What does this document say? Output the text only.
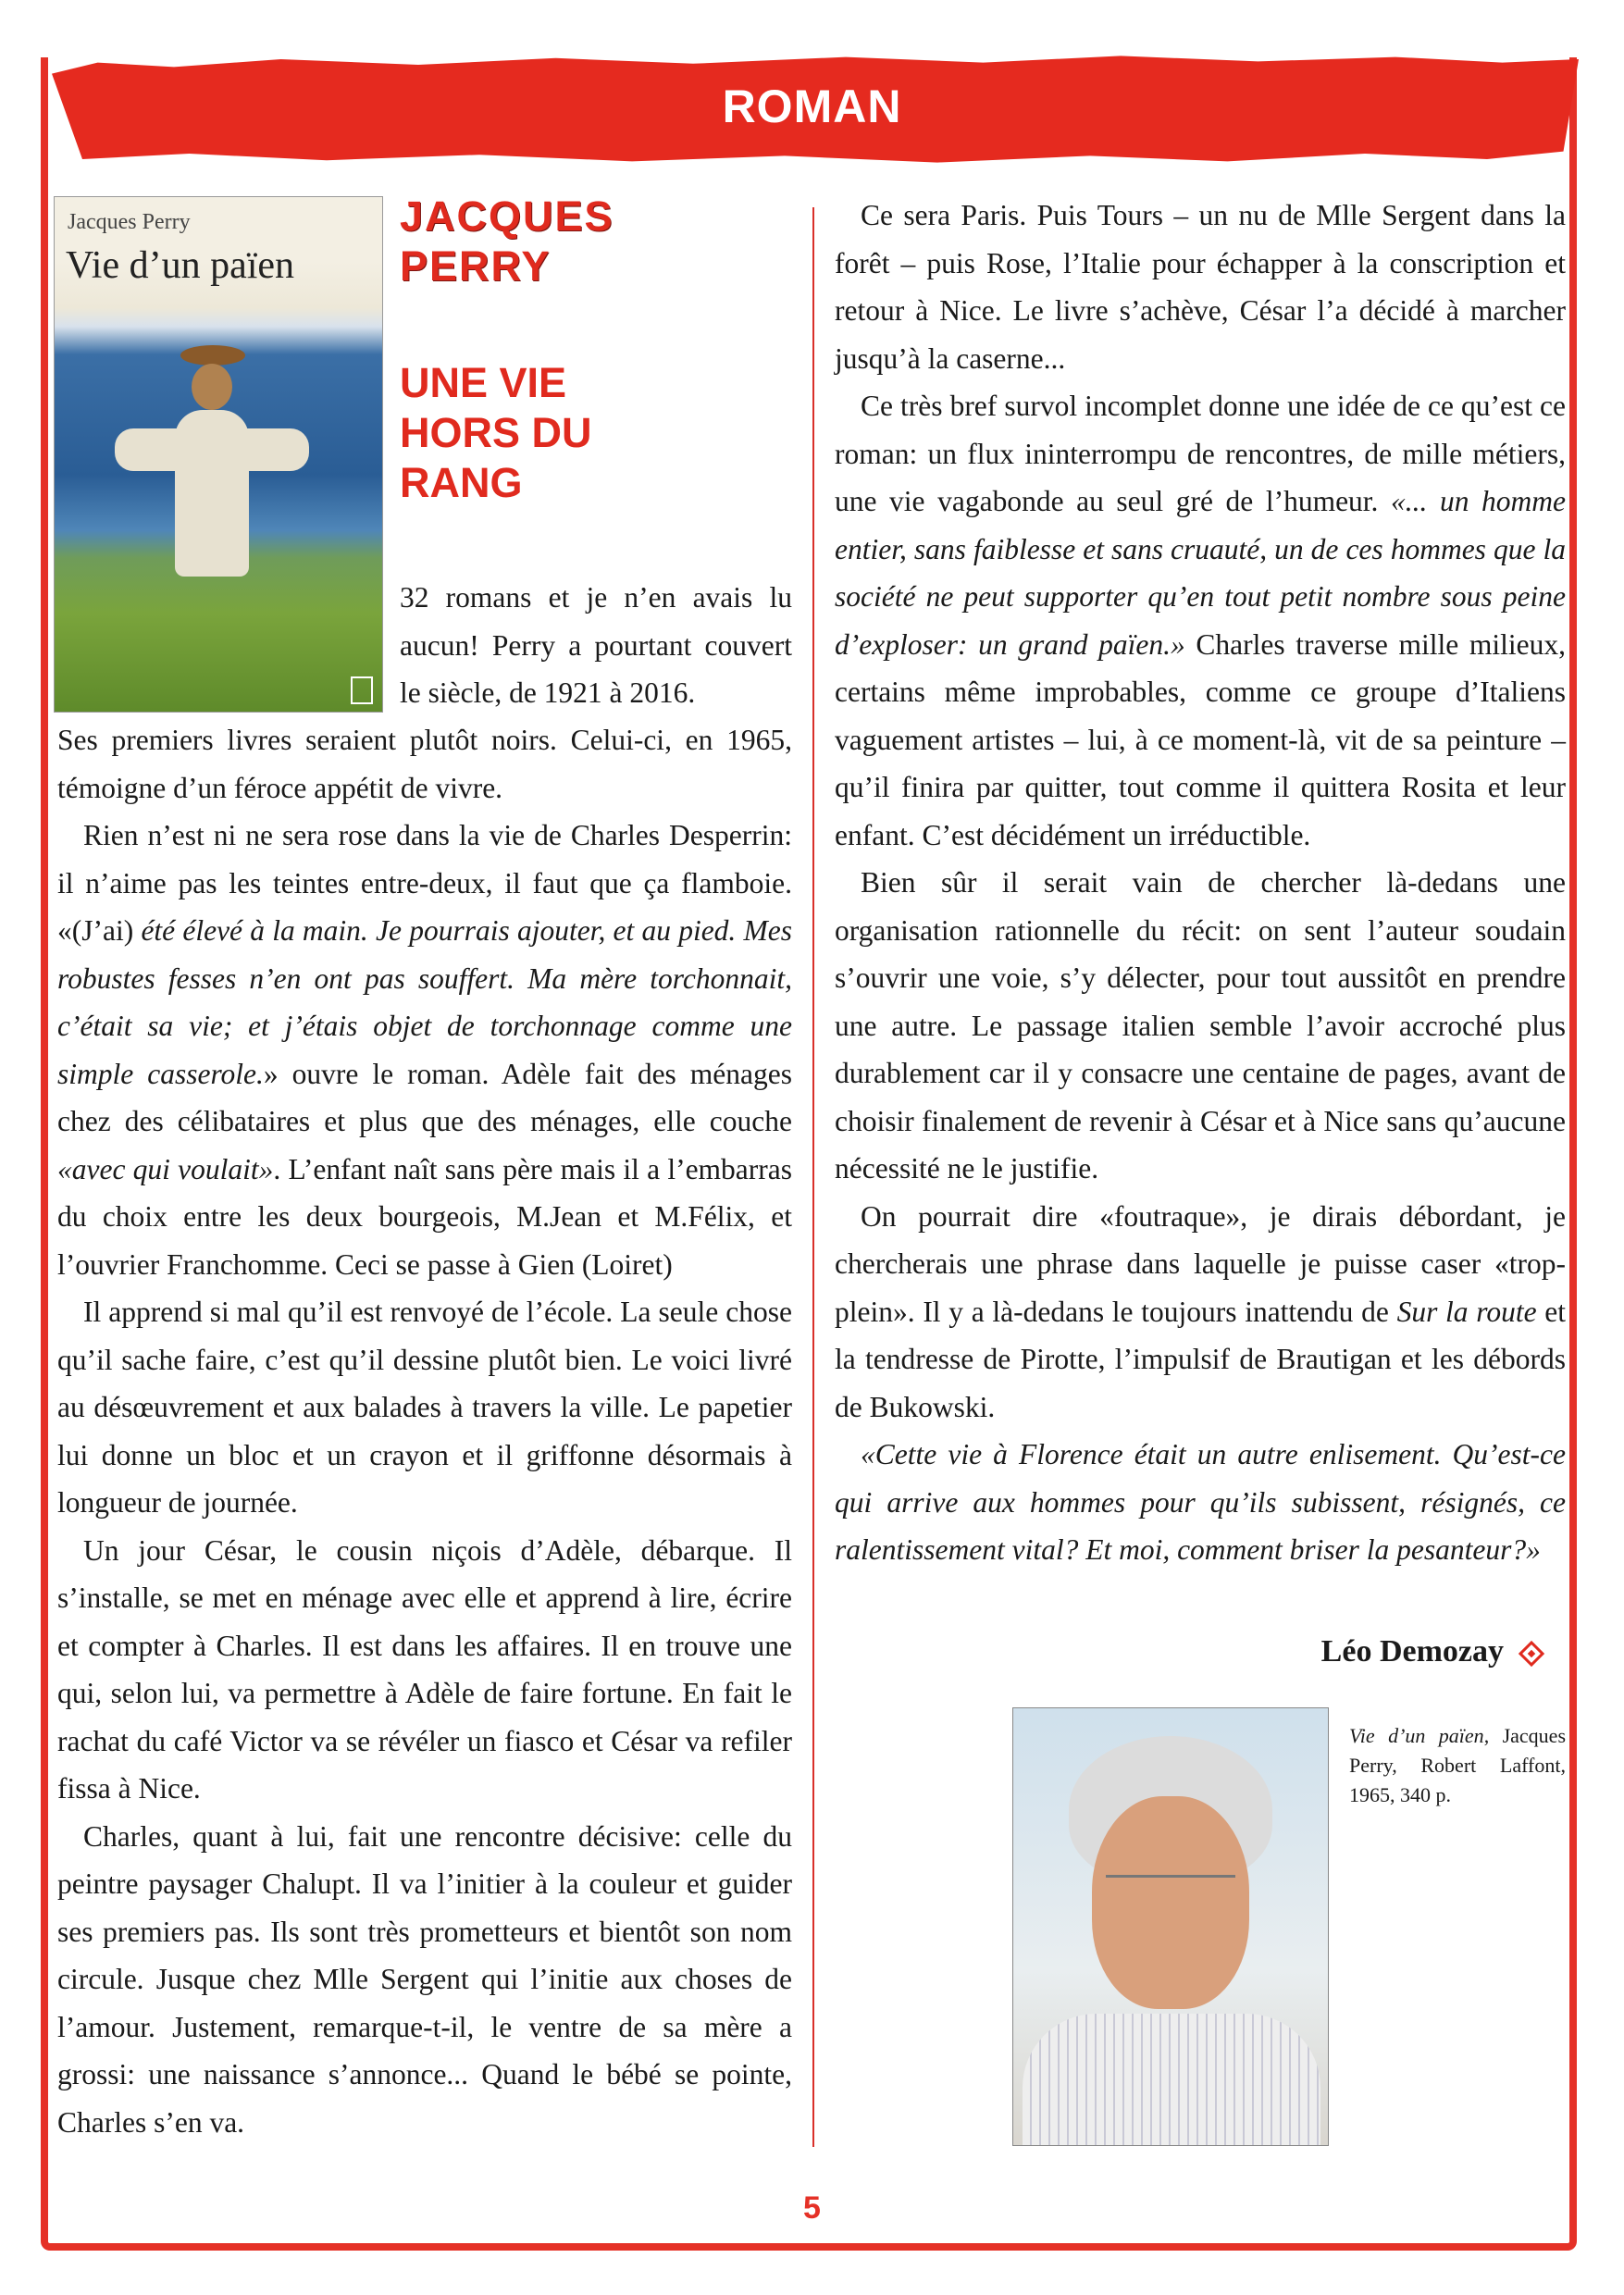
ROMAN
Jacques Perry
Vie d’un païen
JACQUES PERRY
UNE VIE HORS DU RANG

32 romans et je n’en avais lu aucun! Perry a pourtant couvert le siècle, de 1921 à 2016.

Ses premiers livres seraient plutôt noirs. Celui-ci, en 1965, témoigne d’un féroce appétit de vivre.

Rien n’est ni ne sera rose dans la vie de Charles Desperrin: il n’aime pas les teintes entre-deux, il faut que ça flamboie. «(J’ai) été élevé à la main. Je pourrais ajouter, et au pied. Mes robustes fesses n’en ont pas souffert. Ma mère torchonnait, c’était sa vie; et j’étais objet de torchonnage comme une simple casserole.» ouvre le roman. Adèle fait des ménages chez des célibataires et plus que des ménages, elle couche «avec qui voulait». L’enfant naît sans père mais il a l’embarras du choix entre les deux bourgeois, M.Jean et M.Félix, et l’ouvrier Franchomme. Ceci se passe à Gien (Loiret)

Il apprend si mal qu’il est renvoyé de l’école. La seule chose qu’il sache faire, c’est qu’il dessine plutôt bien. Le voici livré au désœuvrement et aux balades à travers la ville. Le papetier lui donne un bloc et un crayon et il griffonne désormais à longueur de journée.

Un jour César, le cousin niçois d’Adèle, débarque. Il s’installe, se met en ménage avec elle et apprend à lire, écrire et compter à Charles. Il est dans les affaires. Il en trouve une qui, selon lui, va permettre à Adèle de faire fortune. En fait le rachat du café Victor va se révéler un fiasco et César va refiler fissa à Nice.

Charles, quant à lui, fait une rencontre décisive: celle du peintre paysager Chalupt. Il va l’initier à la couleur et guider ses premiers pas. Ils sont très prometteurs et bientôt son nom circule. Jusque chez Mlle Sergent qui l’initie aux choses de l’amour. Justement, remarque-t-il, le ventre de sa mère a grossi: une naissance s’annonce... Quand le bébé se pointe, Charles s’en va.

Ce sera Paris. Puis Tours – un nu de Mlle Sergent dans la forêt – puis Rose, l’Italie pour échapper à la conscription et retour à Nice. Le livre s’achève, César l’a décidé à marcher jusqu’à la caserne...

Ce très bref survol incomplet donne une idée de ce qu’est ce roman: un flux ininterrompu de rencontres, de mille métiers, une vie vagabonde au seul gré de l’humeur. «... un homme entier, sans faiblesse et sans cruauté, un de ces hommes que la société ne peut supporter qu’en tout petit nombre sous peine d’exploser: un grand païen.» Charles traverse mille milieux, certains même improbables, comme ce groupe d’Italiens vaguement artistes – lui, à ce moment-là, vit de sa peinture – qu’il finira par quitter, tout comme il quittera Rosita et leur enfant. C’est décidément un irréductible.

Bien sûr il serait vain de chercher là-dedans une organisation rationnelle du récit: on sent l’auteur soudain s’ouvrir une voie, s’y délecter, pour tout aussitôt en prendre une autre. Le passage italien semble l’avoir accroché plus durablement car il y consacre une centaine de pages, avant de choisir finalement de revenir à César et à Nice sans qu’aucune nécessité ne le justifie.

On pourrait dire «foutraque», je dirais débordant, je chercherais une phrase dans laquelle je puisse caser «trop-plein». Il y a là-dedans le toujours inattendu de Sur la route et la tendresse de Pirotte, l’impulsif de Brautigan et les débords de Bukowski.

«Cette vie à Florence était un autre enlisement. Qu’est-ce qui arrive aux hommes pour qu’ils subissent, résignés, ce ralentissement vital? Et moi, comment briser la pesanteur?»

Léo Demozay

Vie d’un païen, Jacques Perry, Robert Laffont, 1965, 340 p.

5
